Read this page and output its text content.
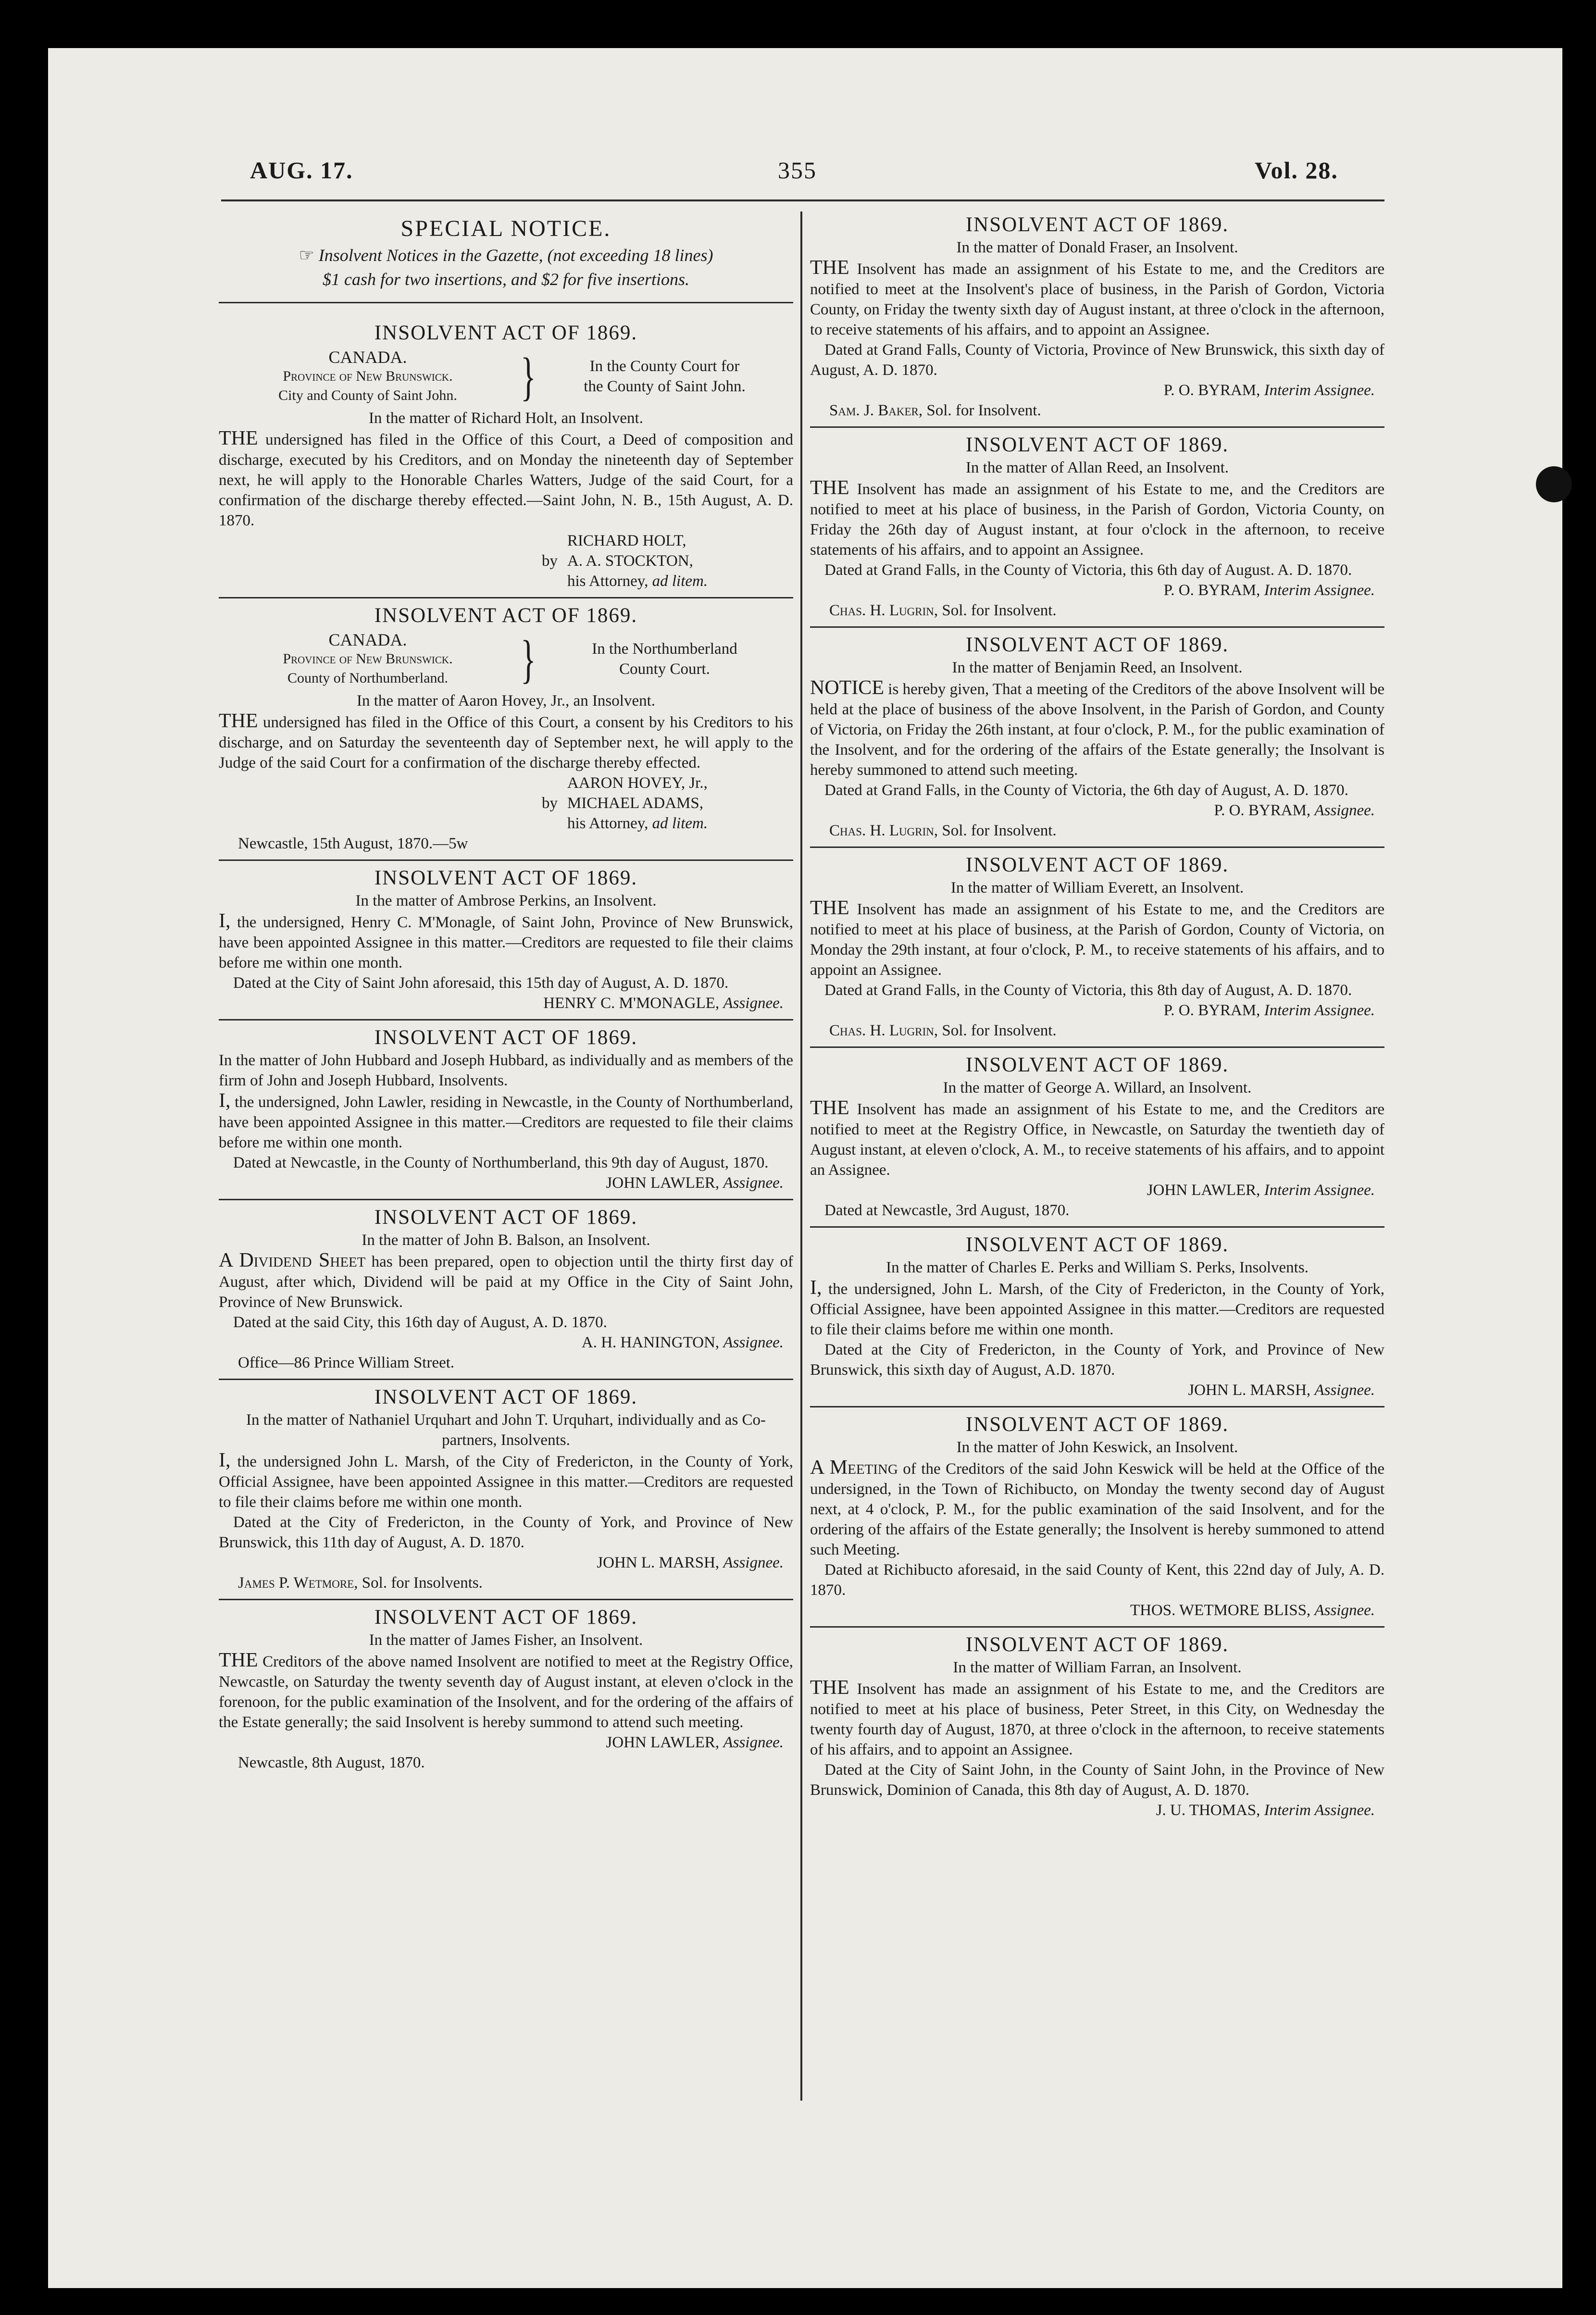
AUG. 17.	355	Vol. 28.
SPECIAL NOTICE.
☞ Insolvent Notices in the Gazette, (not exceeding 18 lines)
$1 cash for two insertions, and $2 for five insertions.
INSOLVENT ACT OF 1869.
CANADA.
Province of New Brunswick.
City and County of Saint John.	}	In the County Court for
the County of Saint John.
In the matter of Richard Holt, an Insolvent.
THE undersigned has filed in the Office of this Court, a Deed of composition and discharge, executed by his Creditors, and on Monday the nineteenth day of September next, he will apply to the Honorable Charles Watters, Judge of the said Court, for a confirmation of the discharge thereby effected.—Saint John, N. B., 15th August, A. D. 1870.
by
RICHARD HOLT,
A. A. STOCKTON,
his Attorney, ad litem.
INSOLVENT ACT OF 1869.
CANADA.
Province of New Brunswick.
County of Northumberland.	}	In the Northumberland
County Court.
In the matter of Aaron Hovey, Jr., an Insolvent.
THE undersigned has filed in the Office of this Court, a consent by his Creditors to his discharge, and on Saturday the seventeenth day of September next, he will apply to the Judge of the said Court for a confirmation of the discharge thereby effected.
by
AARON HOVEY, Jr.,
MICHAEL ADAMS,
his Attorney, ad litem.
Newcastle, 15th August, 1870.—5w
INSOLVENT ACT OF 1869.
In the matter of Ambrose Perkins, an Insolvent.
I, the undersigned, Henry C. M'Monagle, of Saint John, Province of New Brunswick, have been appointed Assignee in this matter.—Creditors are requested to file their claims before me within one month.
Dated at the City of Saint John aforesaid, this 15th day of August, A. D. 1870.
HENRY C. M'MONAGLE, Assignee.
INSOLVENT ACT OF 1869.
In the matter of John Hubbard and Joseph Hubbard, as individually and as members of the firm of John and Joseph Hubbard, Insolvents.
I, the undersigned, John Lawler, residing in Newcastle, in the County of Northumberland, have been appointed Assignee in this matter.—Creditors are requested to file their claims before me within one month.
Dated at Newcastle, in the County of Northumberland, this 9th day of August, 1870.
JOHN LAWLER, Assignee.
INSOLVENT ACT OF 1869.
In the matter of John B. Balson, an Insolvent.
A Dividend Sheet has been prepared, open to objection until the thirty first day of August, after which, Dividend will be paid at my Office in the City of Saint John, Province of New Brunswick.
Dated at the said City, this 16th day of August, A. D. 1870.
A. H. HANINGTON, Assignee.
Office—86 Prince William Street.
INSOLVENT ACT OF 1869.
In the matter of Nathaniel Urquhart and John T. Urquhart, individually and as Co-partners, Insolvents.
I, the undersigned John L. Marsh, of the City of Fredericton, in the County of York, Official Assignee, have been appointed Assignee in this matter.—Creditors are requested to file their claims before me within one month.
Dated at the City of Fredericton, in the County of York, and Province of New Brunswick, this 11th day of August, A. D. 1870.
JOHN L. MARSH, Assignee.
James P. Wetmore, Sol. for Insolvents.
INSOLVENT ACT OF 1869.
In the matter of James Fisher, an Insolvent.
THE Creditors of the above named Insolvent are notified to meet at the Registry Office, Newcastle, on Saturday the twenty seventh day of August instant, at eleven o'clock in the forenoon, for the public examination of the Insolvent, and for the ordering of the affairs of the Estate generally; the said Insolvent is hereby summond to attend such meeting.
JOHN LAWLER, Assignee.
Newcastle, 8th August, 1870.
INSOLVENT ACT OF 1869.
In the matter of Donald Fraser, an Insolvent.
THE Insolvent has made an assignment of his Estate to me, and the Creditors are notified to meet at the Insolvent's place of business, in the Parish of Gordon, Victoria County, on Friday the twenty sixth day of August instant, at three o'clock in the afternoon, to receive statements of his affairs, and to appoint an Assignee.
Dated at Grand Falls, County of Victoria, Province of New Brunswick, this sixth day of August, A. D. 1870.
P. O. BYRAM, Interim Assignee.
Sam. J. Baker, Sol. for Insolvent.
INSOLVENT ACT OF 1869.
In the matter of Allan Reed, an Insolvent.
THE Insolvent has made an assignment of his Estate to me, and the Creditors are notified to meet at his place of business, in the Parish of Gordon, Victoria County, on Friday the 26th day of August instant, at four o'clock in the afternoon, to receive statements of his affairs, and to appoint an Assignee.
Dated at Grand Falls, in the County of Victoria, this 6th day of August. A. D. 1870.
P. O. BYRAM, Interim Assignee.
Chas. H. Lugrin, Sol. for Insolvent.
INSOLVENT ACT OF 1869.
In the matter of Benjamin Reed, an Insolvent.
NOTICE is hereby given, That a meeting of the Creditors of the above Insolvent will be held at the place of business of the above Insolvent, in the Parish of Gordon, and County of Victoria, on Friday the 26th instant, at four o'clock, P. M., for the public examination of the Insolvent, and for the ordering of the affairs of the Estate generally; the Insolvant is hereby summoned to attend such meeting.
Dated at Grand Falls, in the County of Victoria, the 6th day of August, A. D. 1870.
P. O. BYRAM, Assignee.
Chas. H. Lugrin, Sol. for Insolvent.
INSOLVENT ACT OF 1869.
In the matter of William Everett, an Insolvent.
THE Insolvent has made an assignment of his Estate to me, and the Creditors are notified to meet at his place of business, at the Parish of Gordon, County of Victoria, on Monday the 29th instant, at four o'clock, P. M., to receive statements of his affairs, and to appoint an Assignee.
Dated at Grand Falls, in the County of Victoria, this 8th day of August, A. D. 1870.
P. O. BYRAM, Interim Assignee.
Chas. H. Lugrin, Sol. for Insolvent.
INSOLVENT ACT OF 1869.
In the matter of George A. Willard, an Insolvent.
THE Insolvent has made an assignment of his Estate to me, and the Creditors are notified to meet at the Registry Office, in Newcastle, on Saturday the twentieth day of August instant, at eleven o'clock, A. M., to receive statements of his affairs, and to appoint an Assignee.
JOHN LAWLER, Interim Assignee.
Dated at Newcastle, 3rd August, 1870.
INSOLVENT ACT OF 1869.
In the matter of Charles E. Perks and William S. Perks, Insolvents.
I, the undersigned, John L. Marsh, of the City of Fredericton, in the County of York, Official Assignee, have been appointed Assignee in this matter.—Creditors are requested to file their claims before me within one month.
Dated at the City of Fredericton, in the County of York, and Province of New Brunswick, this sixth day of August, A.D. 1870.
JOHN L. MARSH, Assignee.
INSOLVENT ACT OF 1869.
In the matter of John Keswick, an Insolvent.
A Meeting of the Creditors of the said John Keswick will be held at the Office of the undersigned, in the Town of Richibucto, on Monday the twenty second day of August next, at 4 o'clock, P. M., for the public examination of the said Insolvent, and for the ordering of the affairs of the Estate generally; the Insolvent is hereby summoned to attend such Meeting.
Dated at Richibucto aforesaid, in the said County of Kent, this 22nd day of July, A. D. 1870.
THOS. WETMORE BLISS, Assignee.
INSOLVENT ACT OF 1869.
In the matter of William Farran, an Insolvent.
THE Insolvent has made an assignment of his Estate to me, and the Creditors are notified to meet at his place of business, Peter Street, in this City, on Wednesday the twenty fourth day of August, 1870, at three o'clock in the afternoon, to receive statements of his affairs, and to appoint an Assignee.
Dated at the City of Saint John, in the County of Saint John, in the Province of New Brunswick, Dominion of Canada, this 8th day of August, A. D. 1870.
J. U. THOMAS, Interim Assignee.
